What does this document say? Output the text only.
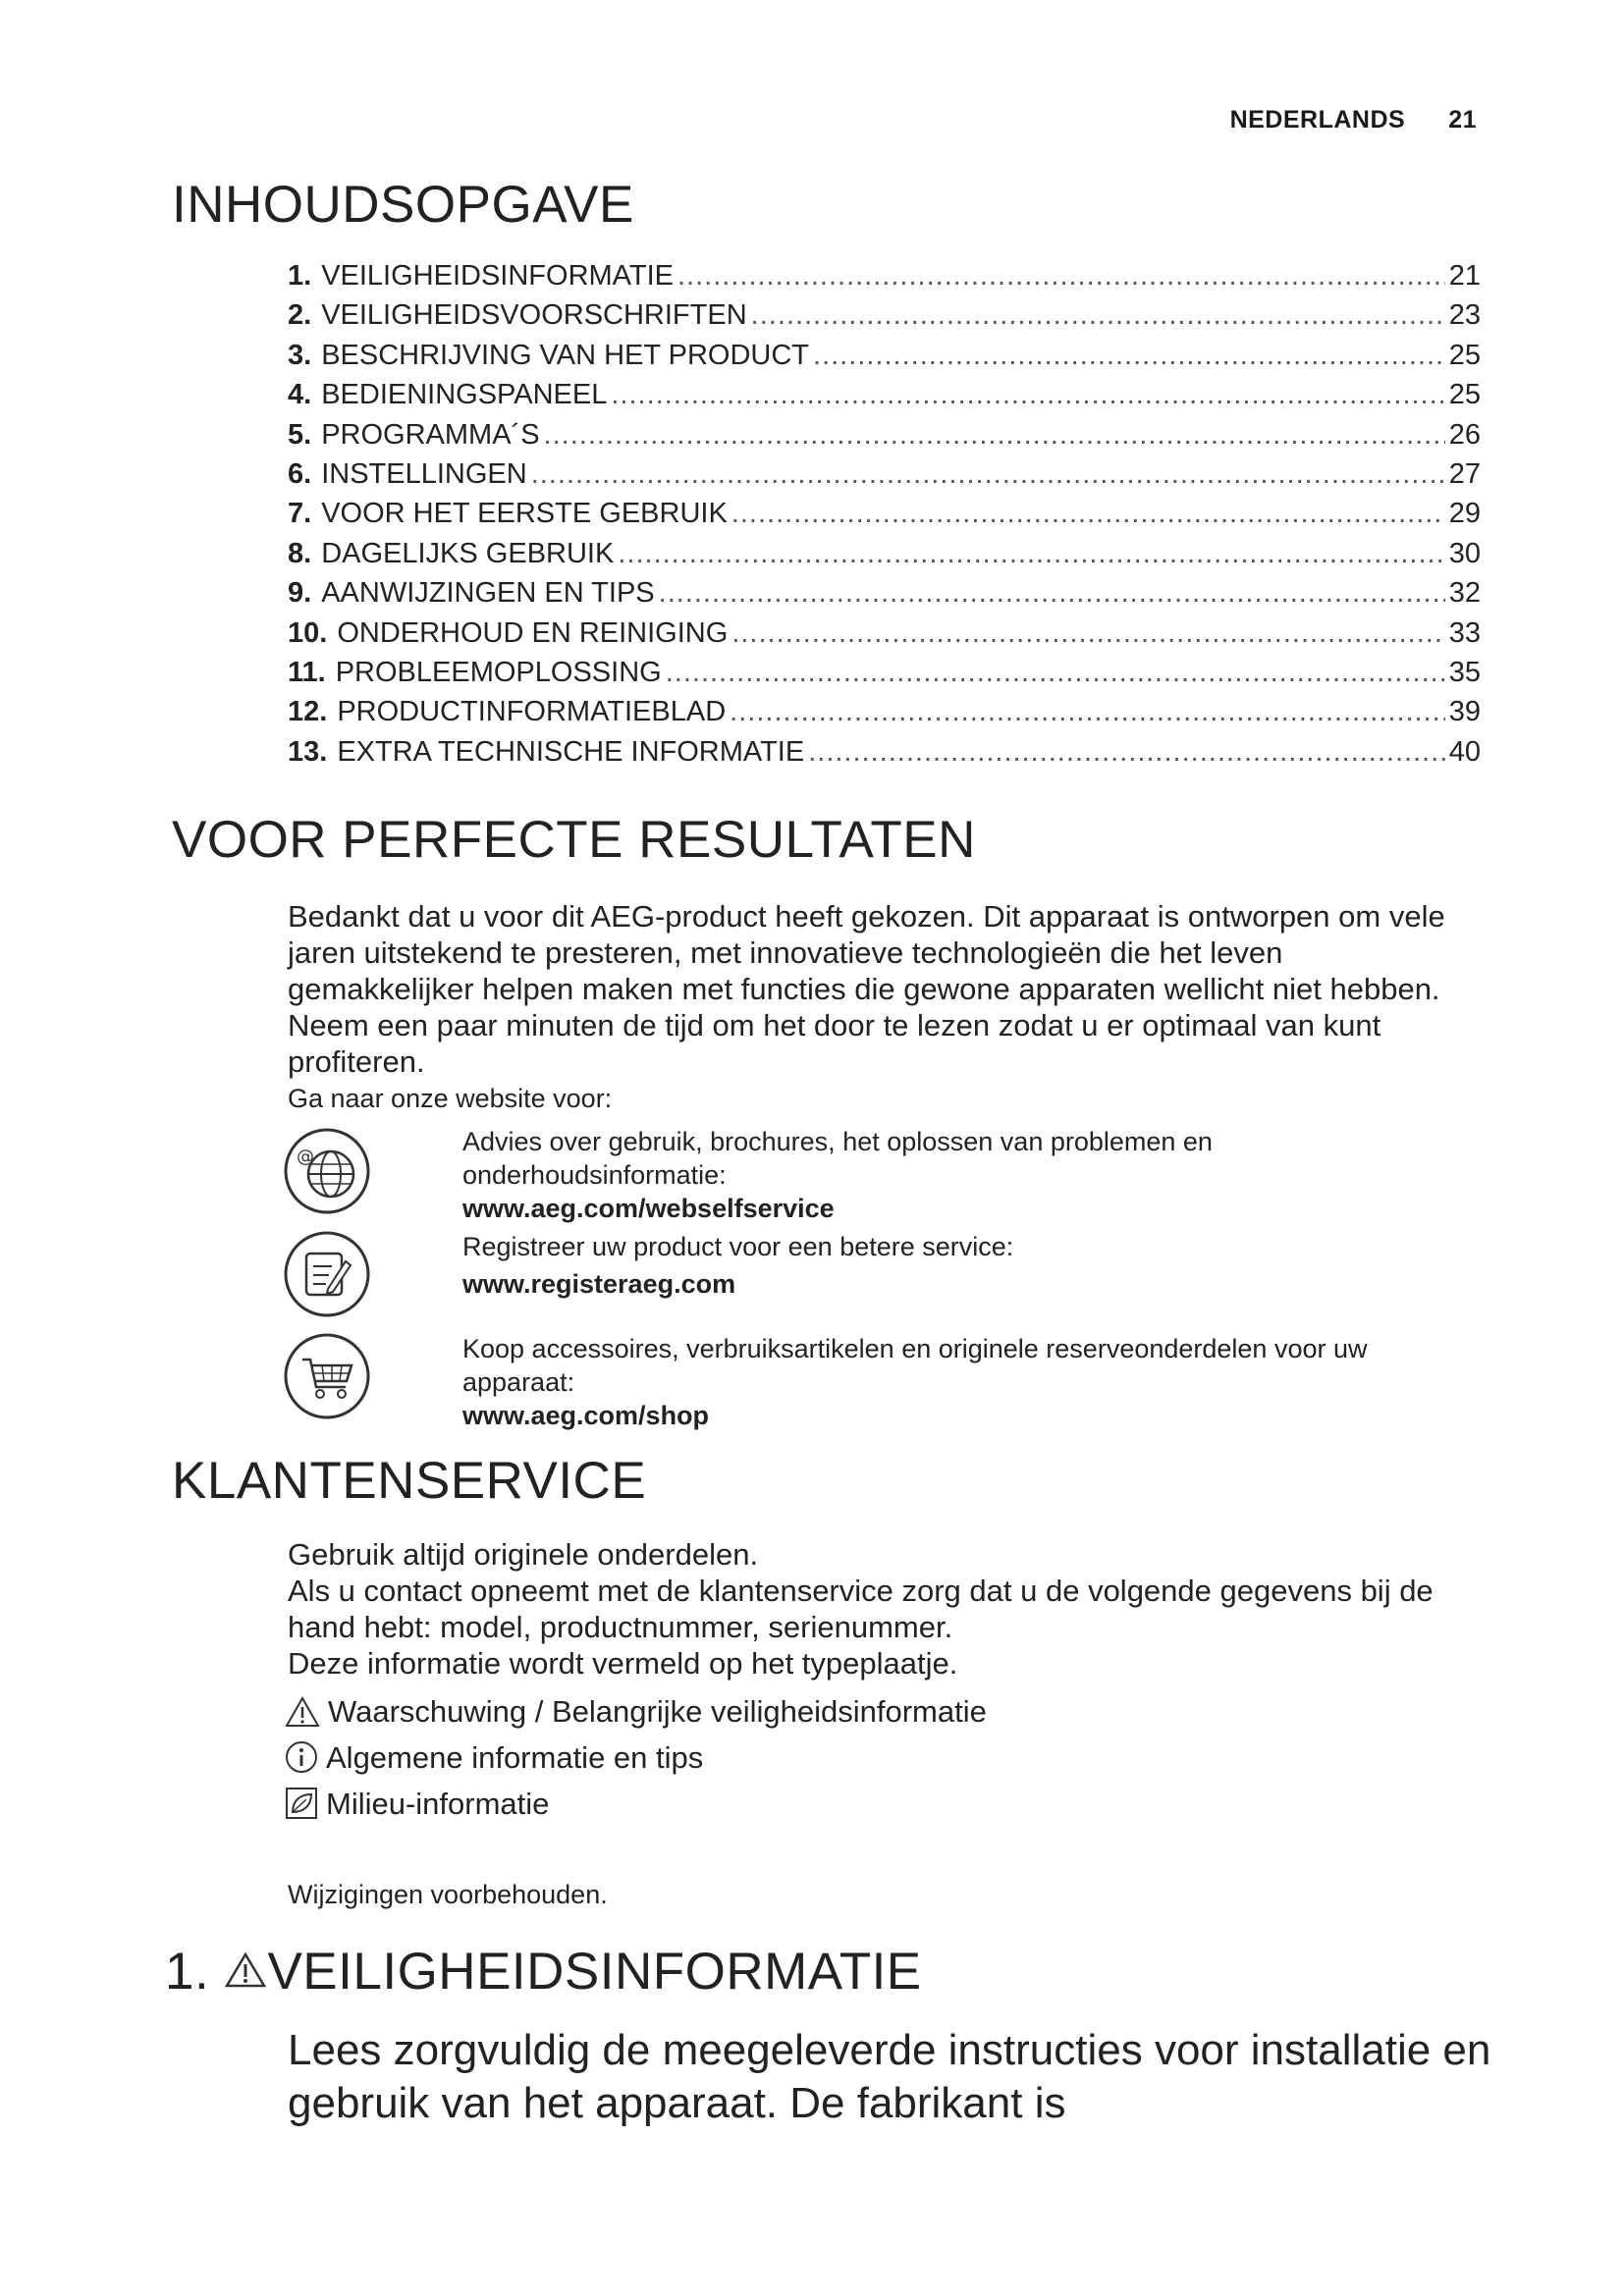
NEDERLANDS 21
INHOUDSOPGAVE
1. VEILIGHEIDSINFORMATIE .....	21
2. VEILIGHEIDSVOORSCHRIFTEN .....	23
3. BESCHRIJVING VAN HET PRODUCT .....	25
4. BEDIENINGSPANEEL .....	25
5. PROGRAMMA´S .....	26
6. INSTELLINGEN .....	27
7. VOOR HET EERSTE GEBRUIK .....	29
8. DAGELIJKS GEBRUIK .....	30
9. AANWIJZINGEN EN TIPS .....	32
10. ONDERHOUD EN REINIGING .....	33
11. PROBLEEMOPLOSSING .....	35
12. PRODUCTINFORMATIEBLAD .....	39
13. EXTRA TECHNISCHE INFORMATIE .....	40
VOOR PERFECTE RESULTATEN

Bedankt dat u voor dit AEG-product heeft gekozen. Dit apparaat is ontworpen om vele jaren uitstekend te presteren, met innovatieve technologieën die het leven gemakkelijker helpen maken met functies die gewone apparaten wellicht niet hebben. Neem een paar minuten de tijd om het door te lezen zodat u er optimaal van kunt profiteren.

Ga naar onze website voor:

@
Advies over gebruik, brochures, het oplossen van problemen en onderhoudsinformatie:
www.aeg.com/webselfservice
Registreer uw product voor een betere service:
www.registeraeg.com
Koop accessoires, verbruiksartikelen en originele reserveonderdelen voor uw apparaat:
www.aeg.com/shop
KLANTENSERVICE
Gebruik altijd originele onderdelen.
Als u contact opneemt met de klantenservice zorg dat u de volgende gegevens bij de hand hebt: model, productnummer, serienummer.
Deze informatie wordt vermeld op het typeplaatje.
Waarschuwing / Belangrijke veiligheidsinformatie
Algemene informatie en tips
Milieu-informatie

Wijzigingen voorbehouden.

1. VEILIGHEIDSINFORMATIE

Lees zorgvuldig de meegeleverde instructies voor installatie en gebruik van het apparaat. De fabrikant is
